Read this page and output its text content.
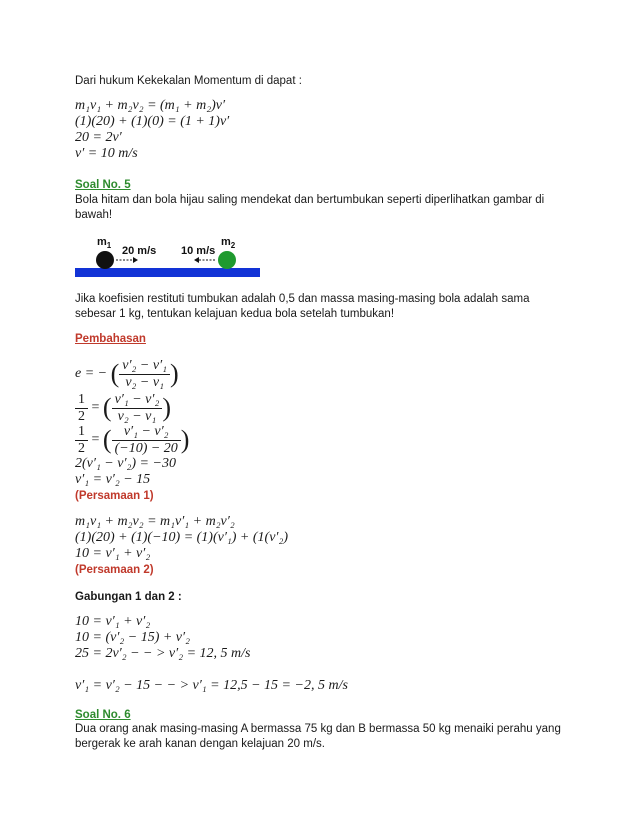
Dari hukum Kekekalan Momentum di dapat :
m₁v₁ + m₂v₂ = (m₁ + m₂)v′
(1)(20) + (1)(0) = (1 + 1)v′
20 = 2v′
v′ = 10 m/s
Soal No. 5
Bola hitam dan bola hijau saling mendekat dan bertumbukan seperti diperlihatkan gambar di bawah!
$m_1$	$m_2$
20 m/s 10 m/s
Jika koefisien restituti tumbukan adalah 0,5 dan massa masing-masing bola adalah sama sebesar 1 kg, tentukan kelajuan kedua bola setelah tumbukan!
Pembahasan
e = − ( $\frac{\text{v′₂ − v′₁}}{\text{v₂ − v₁}}$ )
$\frac{1}{2}$ = ( $\frac{\text{v′₁ − v′₂}}{\text{v₂ − v₁}}$ )
$\frac{1}{2}$ = ( $\frac{\text{v′₁ − v′₂}}{(-10) - 20}$ )
2(v′₁ − v′₂) = −30
v′₁ = v′₂ − 15
(Persamaan 1)
m₁v₁ + m₂v₂ = m₁v′₁ + m₂v′₂
(1)(20) + (1)(−10) = (1)(v′₁) + (1(v′₂)
10 = v′₁ + v′₂
(Persamaan 2)
Gabungan 1 dan 2 :
10 = v′₁ + v′₂
10 = (v′₂ − 15) + v′₂
25 = 2v′₂ − − > v′₂ = 12, 5 m/s
v′₁ = v′₂ − 15 − − > v′₁ = 12,5 − 15 = −2, 5 m/s
Soal No. 6
Dua orang anak masing-masing A bermassa 75 kg dan B bermassa 50 kg menaiki perahu yang bergerak ke arah kanan dengan kelajuan 20 m/s.
